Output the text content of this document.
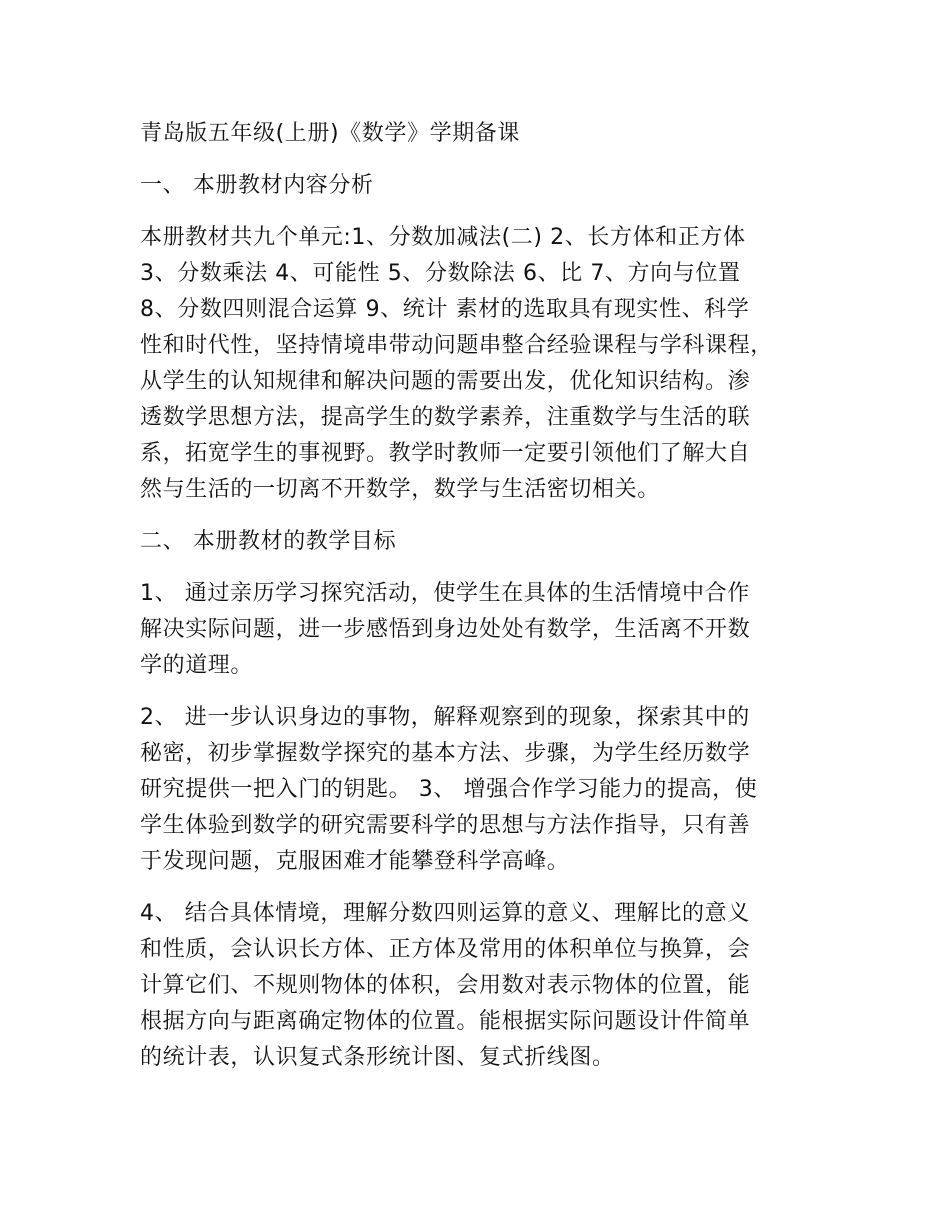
青岛版五年级(上册)《数学》学期备课
一、 本册教材内容分析
本册教材共九个单元:1、分数加减法(二) 2、长方体和正方体
3、分数乘法 4、可能性 5、分数除法 6、比 7、方向与位置
8、分数四则混合运算 9、统计 素材的选取具有现实性、科学
性和时代性，坚持情境串带动问题串整合经验课程与学科课程，
从学生的认知规律和解决问题的需要出发，优化知识结构。渗
透数学思想方法，提高学生的数学素养，注重数学与生活的联
系，拓宽学生的事视野。教学时教师一定要引领他们了解大自
然与生活的一切离不开数学，数学与生活密切相关。
二、 本册教材的教学目标
1、 通过亲历学习探究活动，使学生在具体的生活情境中合作
解决实际问题，进一步感悟到身边处处有数学，生活离不开数
学的道理。
2、 进一步认识身边的事物，解释观察到的现象，探索其中的
秘密，初步掌握数学探究的基本方法、步骤，为学生经历数学
研究提供一把入门的钥匙。 3、 增强合作学习能力的提高，使
学生体验到数学的研究需要科学的思想与方法作指导，只有善
于发现问题，克服困难才能攀登科学高峰。
4、 结合具体情境，理解分数四则运算的意义、理解比的意义
和性质，会认识长方体、正方体及常用的体积单位与换算，会
计算它们、不规则物体的体积，会用数对表示物体的位置，能
根据方向与距离确定物体的位置。能根据实际问题设计件简单
的统计表，认识复式条形统计图、复式折线图。
